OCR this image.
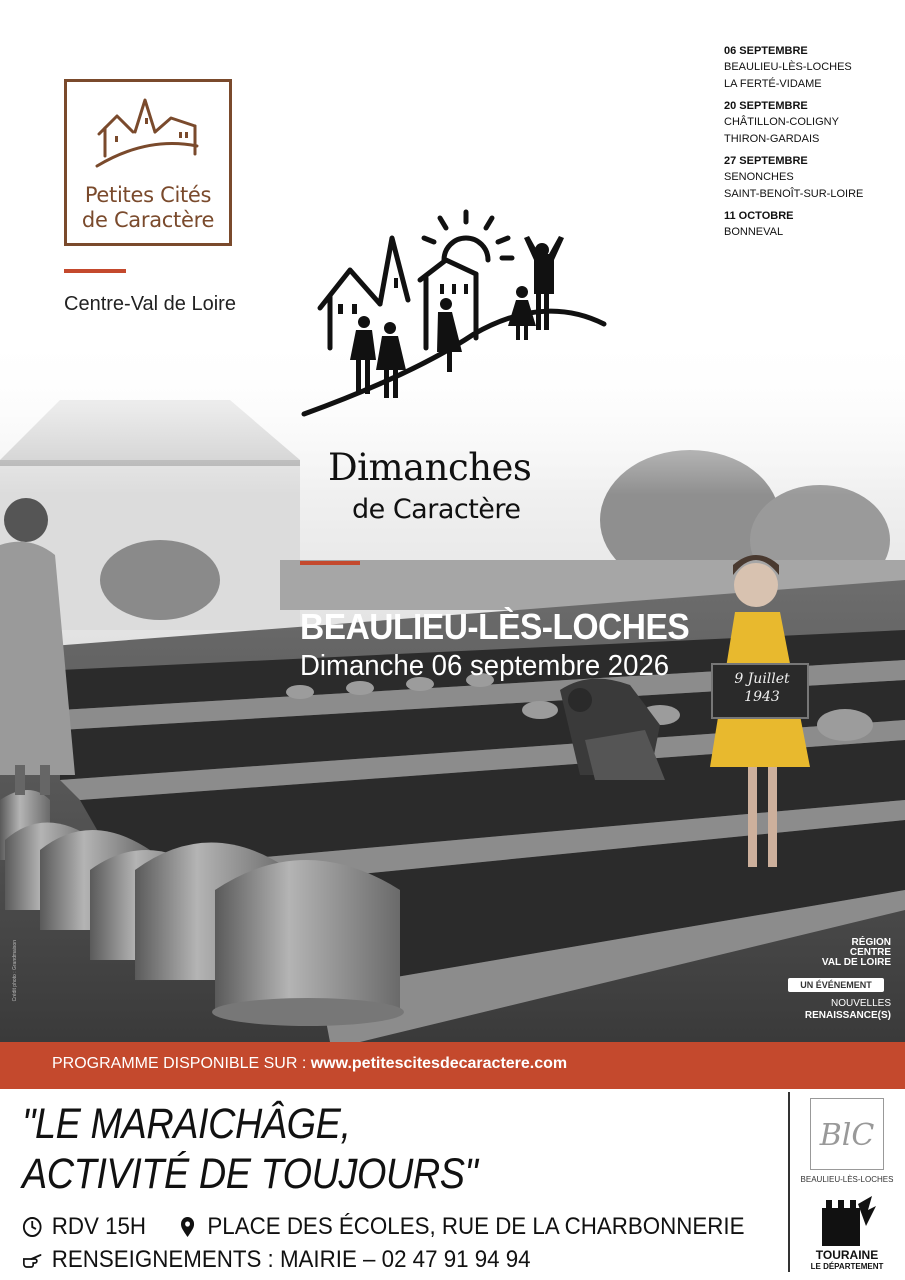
9 Juillet
1943
Crédit photo : Grandmaison
Petites Cités
de Caractère
Centre-Val de Loire
06 SEPTEMBRE
BEAULIEU-LÈS-LOCHES
LA FERTÉ-VIDAME
20 SEPTEMBRE
CHÂTILLON-COLIGNY
THIRON-GARDAIS
27 SEPTEMBRE
SENONCHES
SAINT-BENOÎT-SUR-LOIRE
11 OCTOBRE
BONNEVAL
Dimanches
de Caractère
BEAULIEU-LÈS-LOCHES
Dimanche 06 septembre 2026
RÉGION
CENTRE
VAL DE LOIRE
UN ÉVÉNEMENT
NOUVELLES
RENAISSANCE(S)
PROGRAMME DISPONIBLE SUR : www.petitescitesdecaractere.com
"LE MARAICHÂGE,
ACTIVITÉ DE TOUJOURS"
RDV 15H	PLACE DES ÉCOLES, RUE DE LA CHARBONNERIE
RENSEIGNEMENTS : MAIRIE – 02 47 91 94 94
BlC
BEAULIEU-LÈS-LOCHES
TOURAINE
LE DÉPARTEMENT
